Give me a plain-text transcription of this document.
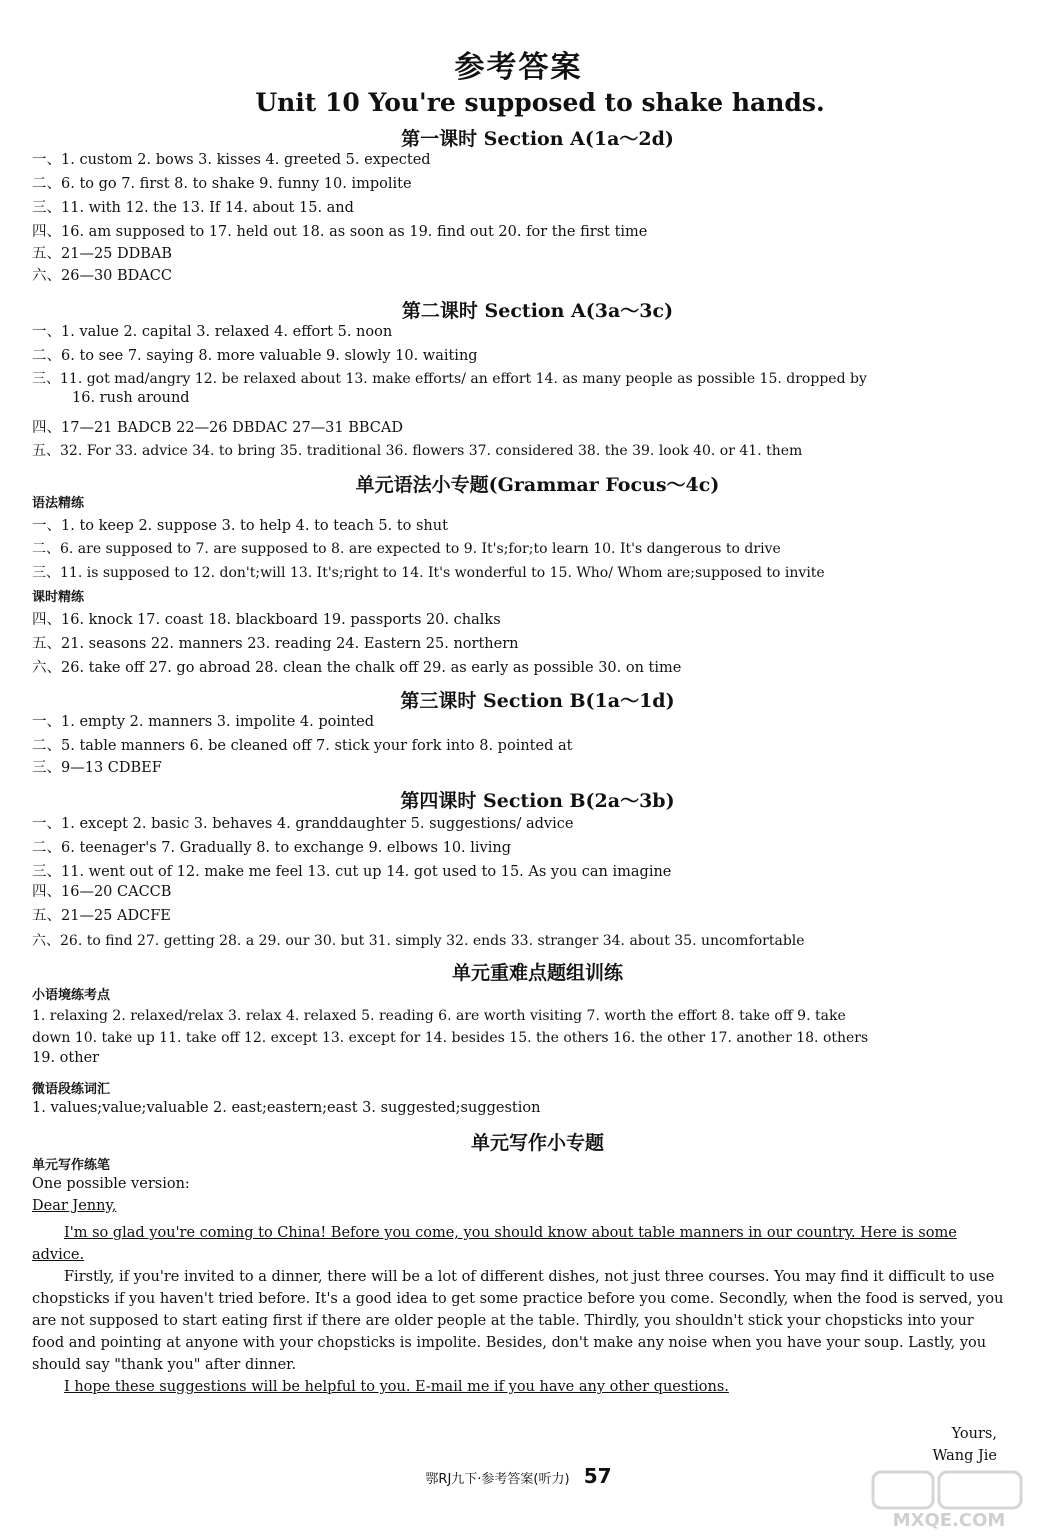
参考答案
Unit 10 You're supposed to shake hands.
第一课时 Section A(1a～2d)
一、1. custom 2. bows 3. kisses 4. greeted 5. expected
二、6. to go 7. first 8. to shake 9. funny 10. impolite
三、11. with 12. the 13. If 14. about 15. and
四、16. am supposed to 17. held out 18. as soon as 19. find out 20. for the first time
五、21—25 DDBAB
六、26—30 BDACC
第二课时 Section A(3a～3c)
一、1. value 2. capital 3. relaxed 4. effort 5. noon
二、6. to see 7. saying 8. more valuable 9. slowly 10. waiting
三、11. got mad/angry 12. be relaxed about 13. make efforts/ an effort 14. as many people as possible 15. dropped by
16. rush around
四、17—21 BADCB 22—26 DBDAC 27—31 BBCAD
五、32. For 33. advice 34. to bring 35. traditional 36. flowers 37. considered 38. the 39. look 40. or 41. them
单元语法小专题(Grammar Focus～4c)
语法精练
一、1. to keep 2. suppose 3. to help 4. to teach 5. to shut
二、6. are supposed to 7. are supposed to 8. are expected to 9. It's;for;to learn 10. It's dangerous to drive
三、11. is supposed to 12. don't;will 13. It's;right to 14. It's wonderful to 15. Who/ Whom are;supposed to invite
课时精练
四、16. knock 17. coast 18. blackboard 19. passports 20. chalks
五、21. seasons 22. manners 23. reading 24. Eastern 25. northern
六、26. take off 27. go abroad 28. clean the chalk off 29. as early as possible 30. on time
第三课时 Section B(1a～1d)
一、1. empty 2. manners 3. impolite 4. pointed
二、5. table manners 6. be cleaned off 7. stick your fork into 8. pointed at
三、9—13 CDBEF
第四课时 Section B(2a～3b)
一、1. except 2. basic 3. behaves 4. granddaughter 5. suggestions/ advice
二、6. teenager's 7. Gradually 8. to exchange 9. elbows 10. living
三、11. went out of 12. make me feel 13. cut up 14. got used to 15. As you can imagine
四、16—20 CACCB
五、21—25 ADCFE
六、26. to find 27. getting 28. a 29. our 30. but 31. simply 32. ends 33. stranger 34. about 35. uncomfortable
单元重难点题组训练
小语境练考点
1. relaxing 2. relaxed/relax 3. relax 4. relaxed 5. reading 6. are worth visiting 7. worth the effort 8. take off 9. take
down 10. take up 11. take off 12. except 13. except for 14. besides 15. the others 16. the other 17. another 18. others
19. other
微语段练词汇
1. values;value;valuable 2. east;eastern;east 3. suggested;suggestion
单元写作小专题
单元写作练笔
One possible version:
Dear Jenny,

I'm so glad you're coming to China! Before you come, you should know about table manners in our country. Here is some advice.

Firstly, if you're invited to a dinner, there will be a lot of different dishes, not just three courses. You may find it difficult to use chopsticks if you haven't tried before. It's a good idea to get some practice before you come. Secondly, when the food is served, you are not supposed to start eating first if there are older people at the table. Thirdly, you shouldn't stick your chopsticks into your food and pointing at anyone with your chopsticks is impolite. Besides, don't make any noise when you have your soup. Lastly, you should say "thank you" after dinner.

I hope these suggestions will be helpful to you. E-mail me if you have any other questions.

Yours,
Wang Jie
鄂RJ九下·参考答案(听力) 57
MXQE.COM
